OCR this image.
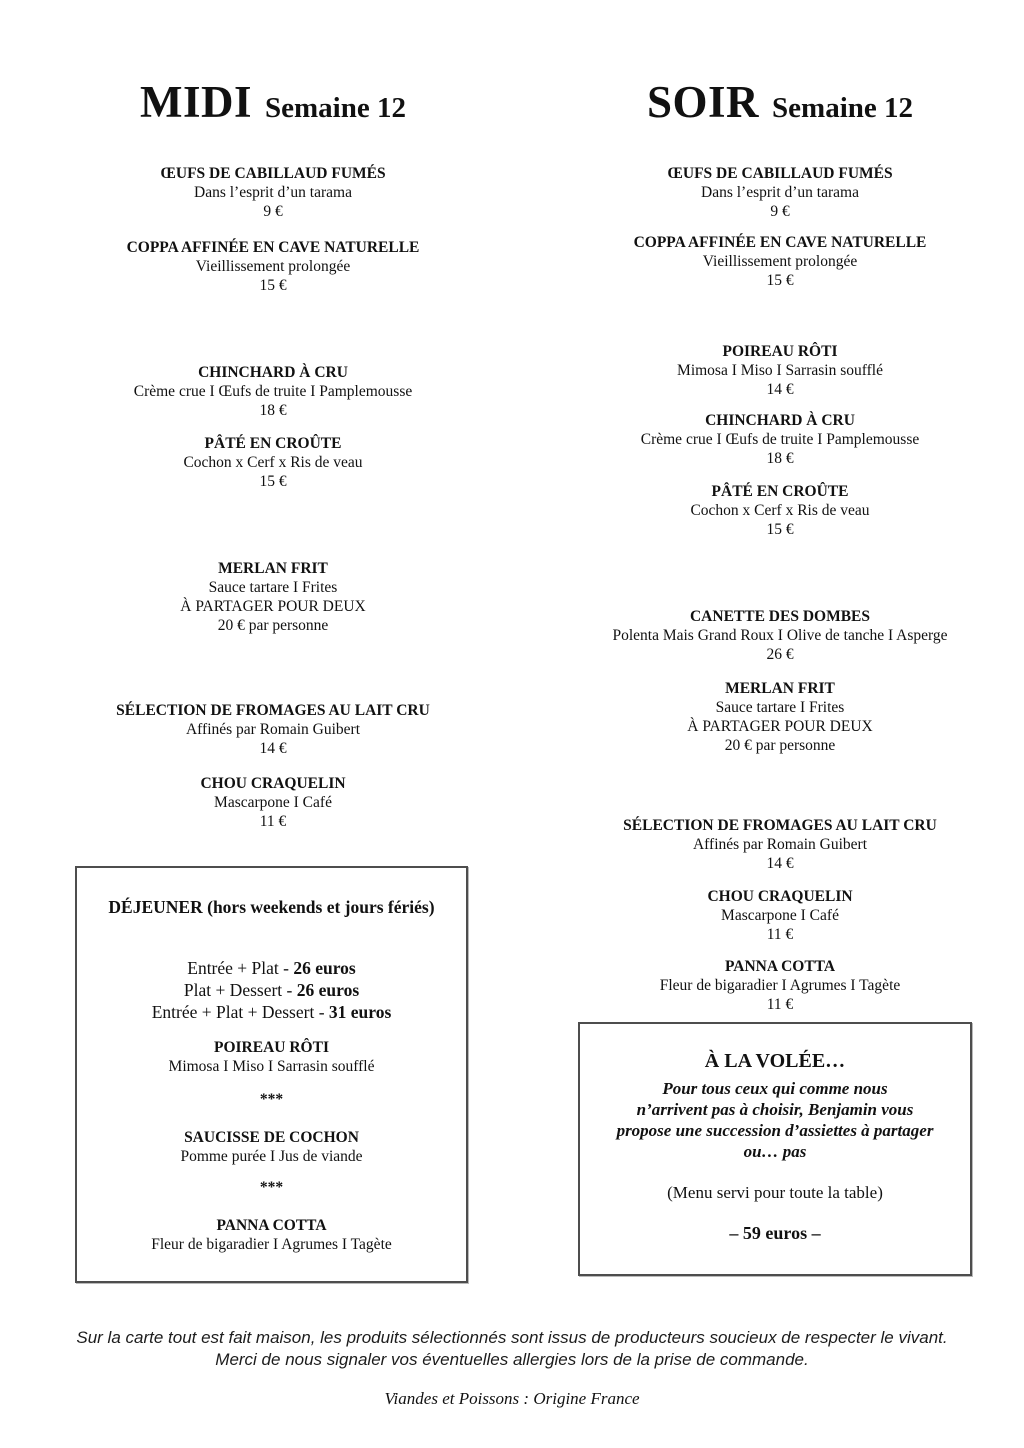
MIDI Semaine 12
ŒUFS DE CABILLAUD FUMÉS

Dans l’esprit d’un tarama

9 €

COPPA AFFINÉE EN CAVE NATURELLE

Vieillissement prolongée

15 €

CHINCHARD À CRU

Crème crue I Œufs de truite I Pamplemousse

18 €

PÂTÉ EN CROÛTE

Cochon x Cerf x Ris de veau

15 €

MERLAN FRIT

Sauce tartare I Frites

À PARTAGER POUR DEUX

20 € par personne

SÉLECTION DE FROMAGES AU LAIT CRU

Affinés par Romain Guibert

14 €

CHOU CRAQUELIN

Mascarpone I Café

11 €

DÉJEUNER (hors weekends et jours fériés)

Entrée + Plat - 26 euros

Plat + Dessert - 26 euros

Entrée + Plat + Dessert - 31 euros

POIREAU RÔTI

Mimosa I Miso I Sarrasin soufflé

***

SAUCISSE DE COCHON

Pomme purée I Jus de viande

***

PANNA COTTA

Fleur de bigaradier I Agrumes I Tagète

SOIR Semaine 12
ŒUFS DE CABILLAUD FUMÉS

Dans l’esprit d’un tarama

9 €

COPPA AFFINÉE EN CAVE NATURELLE

Vieillissement prolongée

15 €

POIREAU RÔTI

Mimosa I Miso I Sarrasin soufflé

14 €

CHINCHARD À CRU

Crème crue I Œufs de truite I Pamplemousse

18 €

PÂTÉ EN CROÛTE

Cochon x Cerf x Ris de veau

15 €

CANETTE DES DOMBES

Polenta Mais Grand Roux I Olive de tanche I Asperge

26 €

MERLAN FRIT

Sauce tartare I Frites

À PARTAGER POUR DEUX

20 € par personne

SÉLECTION DE FROMAGES AU LAIT CRU

Affinés par Romain Guibert

14 €

CHOU CRAQUELIN

Mascarpone I Café

11 €

PANNA COTTA

Fleur de bigaradier I Agrumes I Tagète

11 €

À LA VOLÉE…

Pour tous ceux qui comme nous

n’arrivent pas à choisir, Benjamin vous

propose une succession d’assiettes à partager

ou… pas

(Menu servi pour toute la table)

– 59 euros –

Sur la carte tout est fait maison, les produits sélectionnés sont issus de producteurs soucieux de respecter le vivant.

Merci de nous signaler vos éventuelles allergies lors de la prise de commande.

Viandes et Poissons : Origine France
